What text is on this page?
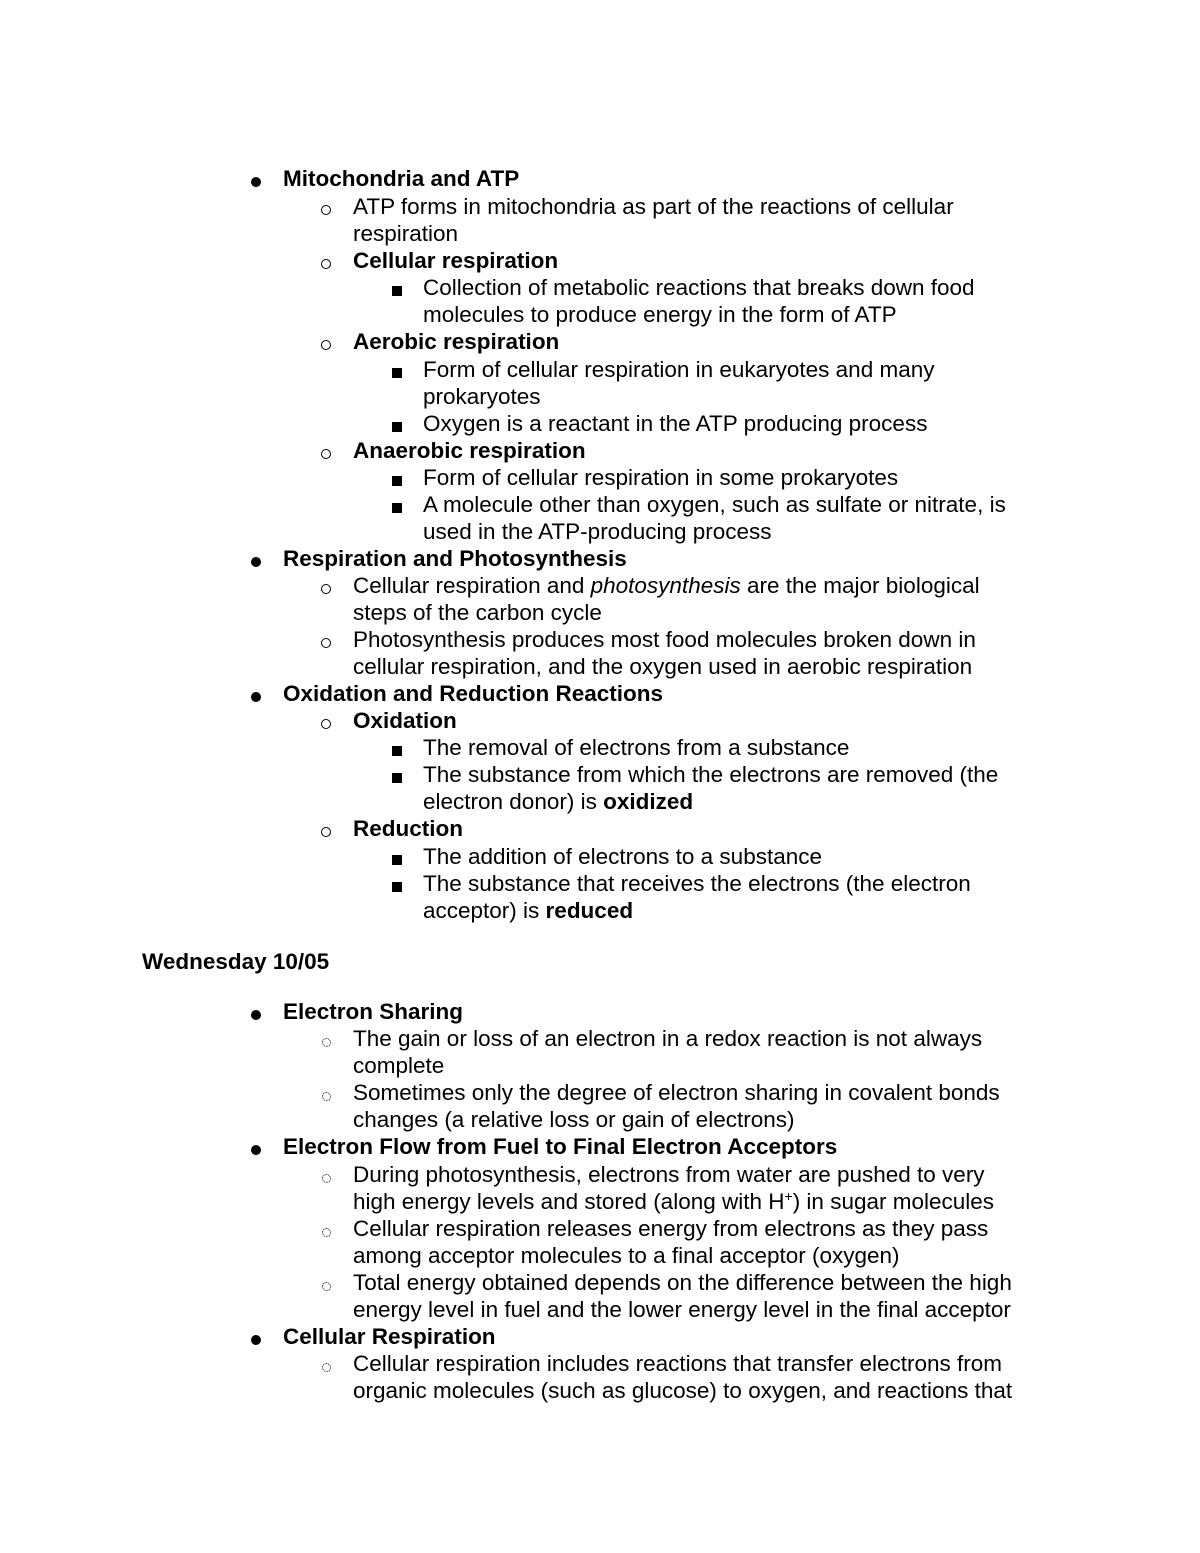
Mitochondria and ATP
ATP forms in mitochondria as part of the reactions of cellular
respiration
Cellular respiration
Collection of metabolic reactions that breaks down food
molecules to produce energy in the form of ATP
Aerobic respiration
Form of cellular respiration in eukaryotes and many
prokaryotes
Oxygen is a reactant in the ATP producing process
Anaerobic respiration
Form of cellular respiration in some prokaryotes
A molecule other than oxygen, such as sulfate or nitrate, is
used in the ATP-producing process
Respiration and Photosynthesis
Cellular respiration and photosynthesis are the major biological
steps of the carbon cycle
Photosynthesis produces most food molecules broken down in
cellular respiration, and the oxygen used in aerobic respiration
Oxidation and Reduction Reactions
Oxidation
The removal of electrons from a substance
The substance from which the electrons are removed (the
electron donor) is oxidized
Reduction
The addition of electrons to a substance
The substance that receives the electrons (the electron
acceptor) is reduced
Wednesday 10/05
Electron Sharing
The gain or loss of an electron in a redox reaction is not always
complete
Sometimes only the degree of electron sharing in covalent bonds
changes (a relative loss or gain of electrons)
Electron Flow from Fuel to Final Electron Acceptors
During photosynthesis, electrons from water are pushed to very
high energy levels and stored (along with H+) in sugar molecules
Cellular respiration releases energy from electrons as they pass
among acceptor molecules to a final acceptor (oxygen)
Total energy obtained depends on the difference between the high
energy level in fuel and the lower energy level in the final acceptor
Cellular Respiration
Cellular respiration includes reactions that transfer electrons from
organic molecules (such as glucose) to oxygen, and reactions that
